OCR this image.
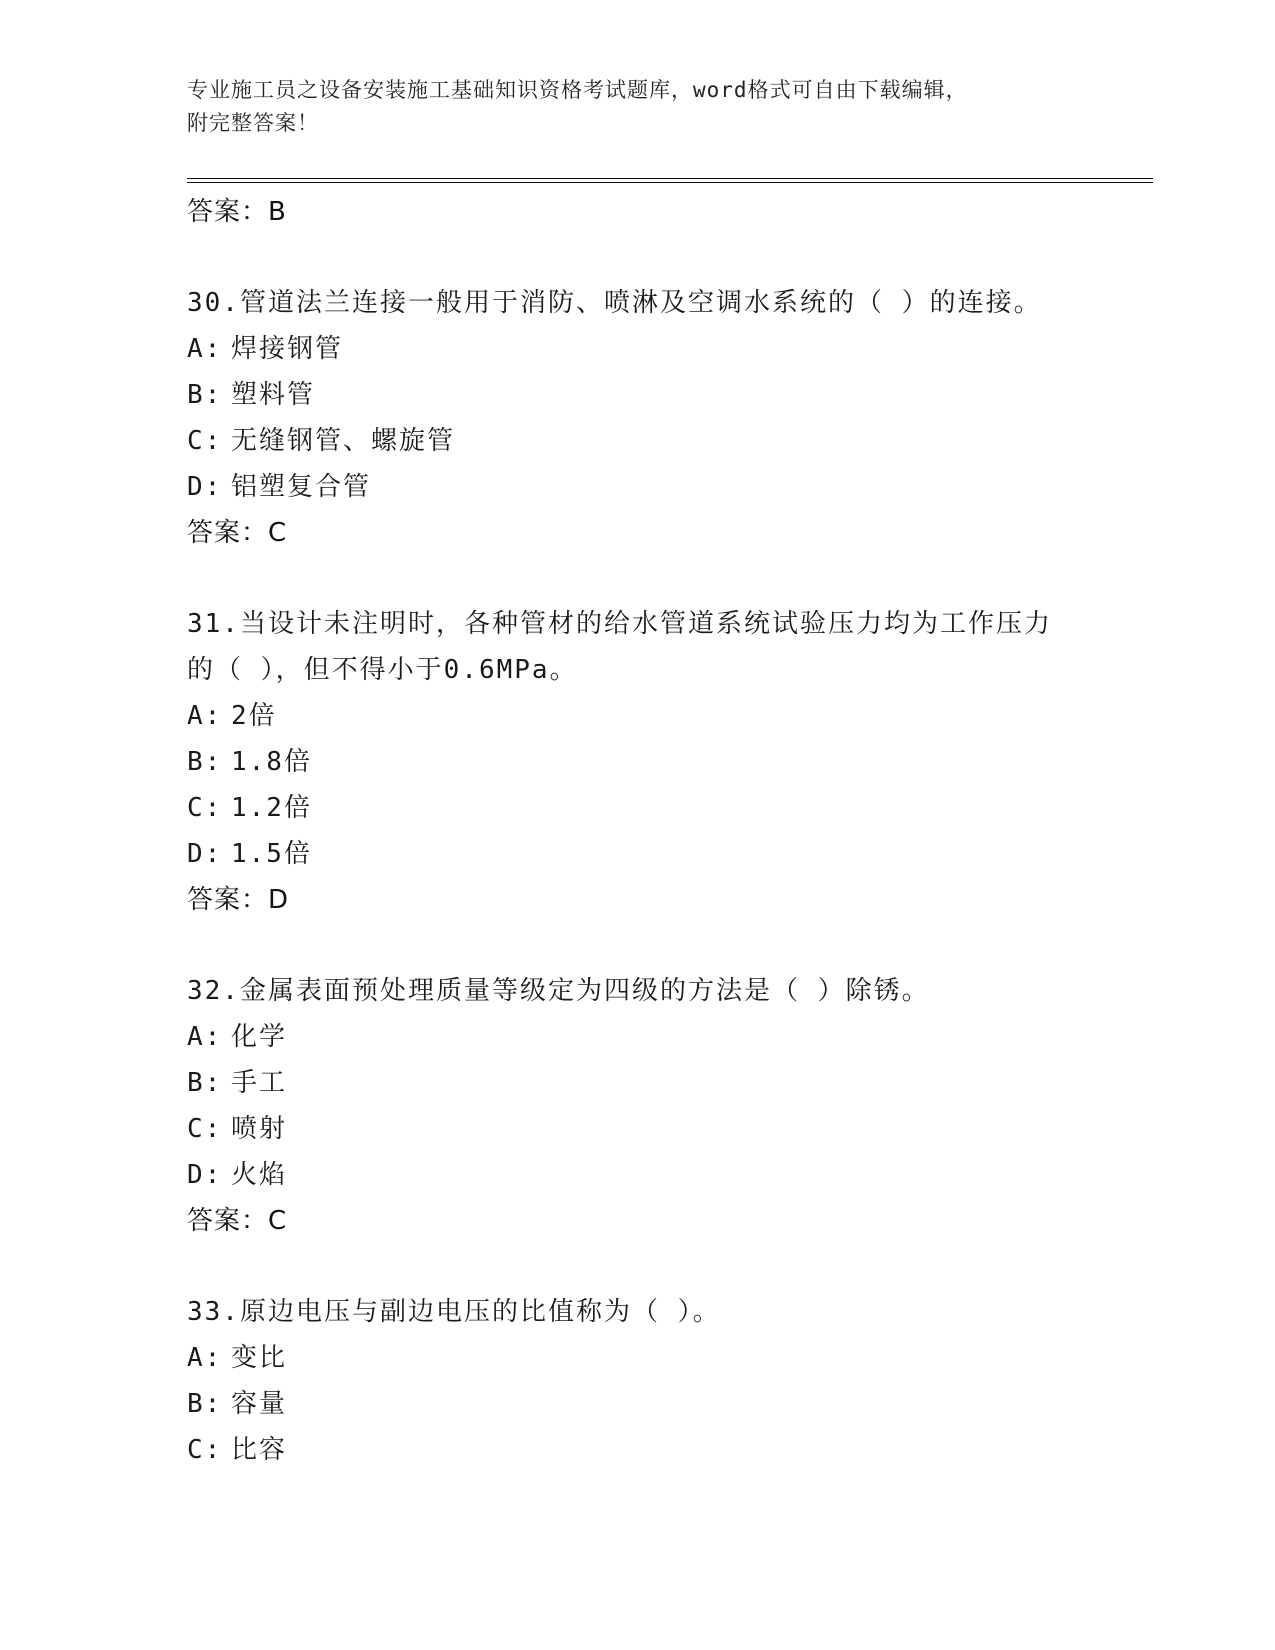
专业施工员之设备安装施工基础知识资格考试题库，word格式可自由下载编辑，
附完整答案！
答案：B
30.管道法兰连接一般用于消防、喷淋及空调水系统的（ ）的连接。
A: 焊接钢管
B: 塑料管
C: 无缝钢管、螺旋管
D: 铝塑复合管
答案：C
31.当设计未注明时，各种管材的给水管道系统试验压力均为工作压力
的（ ），但不得小于0.6MPa。
A: 2倍
B: 1.8倍
C: 1.2倍
D: 1.5倍
答案：D
32.金属表面预处理质量等级定为四级的方法是（ ）除锈。
A: 化学
B: 手工
C: 喷射
D: 火焰
答案：C
33.原边电压与副边电压的比值称为（ ）。
A: 变比
B: 容量
C: 比容
